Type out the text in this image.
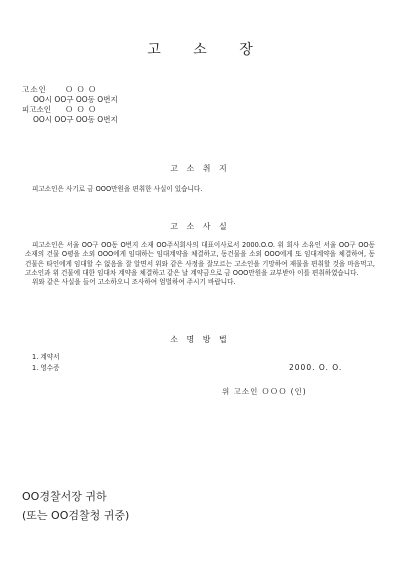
고 소 장
고소인 ＯＯＯ
OO시 OO구 OO동 O번지
피고소인 ＯＯＯ
OO시 OO구 OO동 O번지
고 소 취 지
피고소인은 사기로 금 OOO만원을 편취한 사실이 있습니다.
고 소 사 실

피고소인은 서울 OO구 OO동 O번지 소재 OO주식회사의 대표이사로서 2000.O.O. 위 회사 소유인 서울 OO구 OO동 소재의 건물 O평을 소외 OOO에게 임대하는 임대계약을 체결하고, 동건물을 소외 OOO에게 또 임대계약을 체결하여, 동 건물은 타인에게 임대할 수 없음을 잘 알면서 위와 같은 사정을 잘모르는 고소인을 기망하여 재물을 편취할 것을 마음먹고, 고소인과 위 건물에 대한 임대차 계약을 체결하고 같은 날 계약금으로 금 OOO만원을 교부받아 이를 편취하였습니다.

위와 같은 사실을 들어 고소하오니 조사하여 엄벌하여 주시기 바랍니다.

소 명 방 법
1. 계약서
1. 영수증	2000. O. O.
위 고소인 ＯＯＯ (인)
OO경찰서장 귀하
(또는 OO검찰청 귀중)
